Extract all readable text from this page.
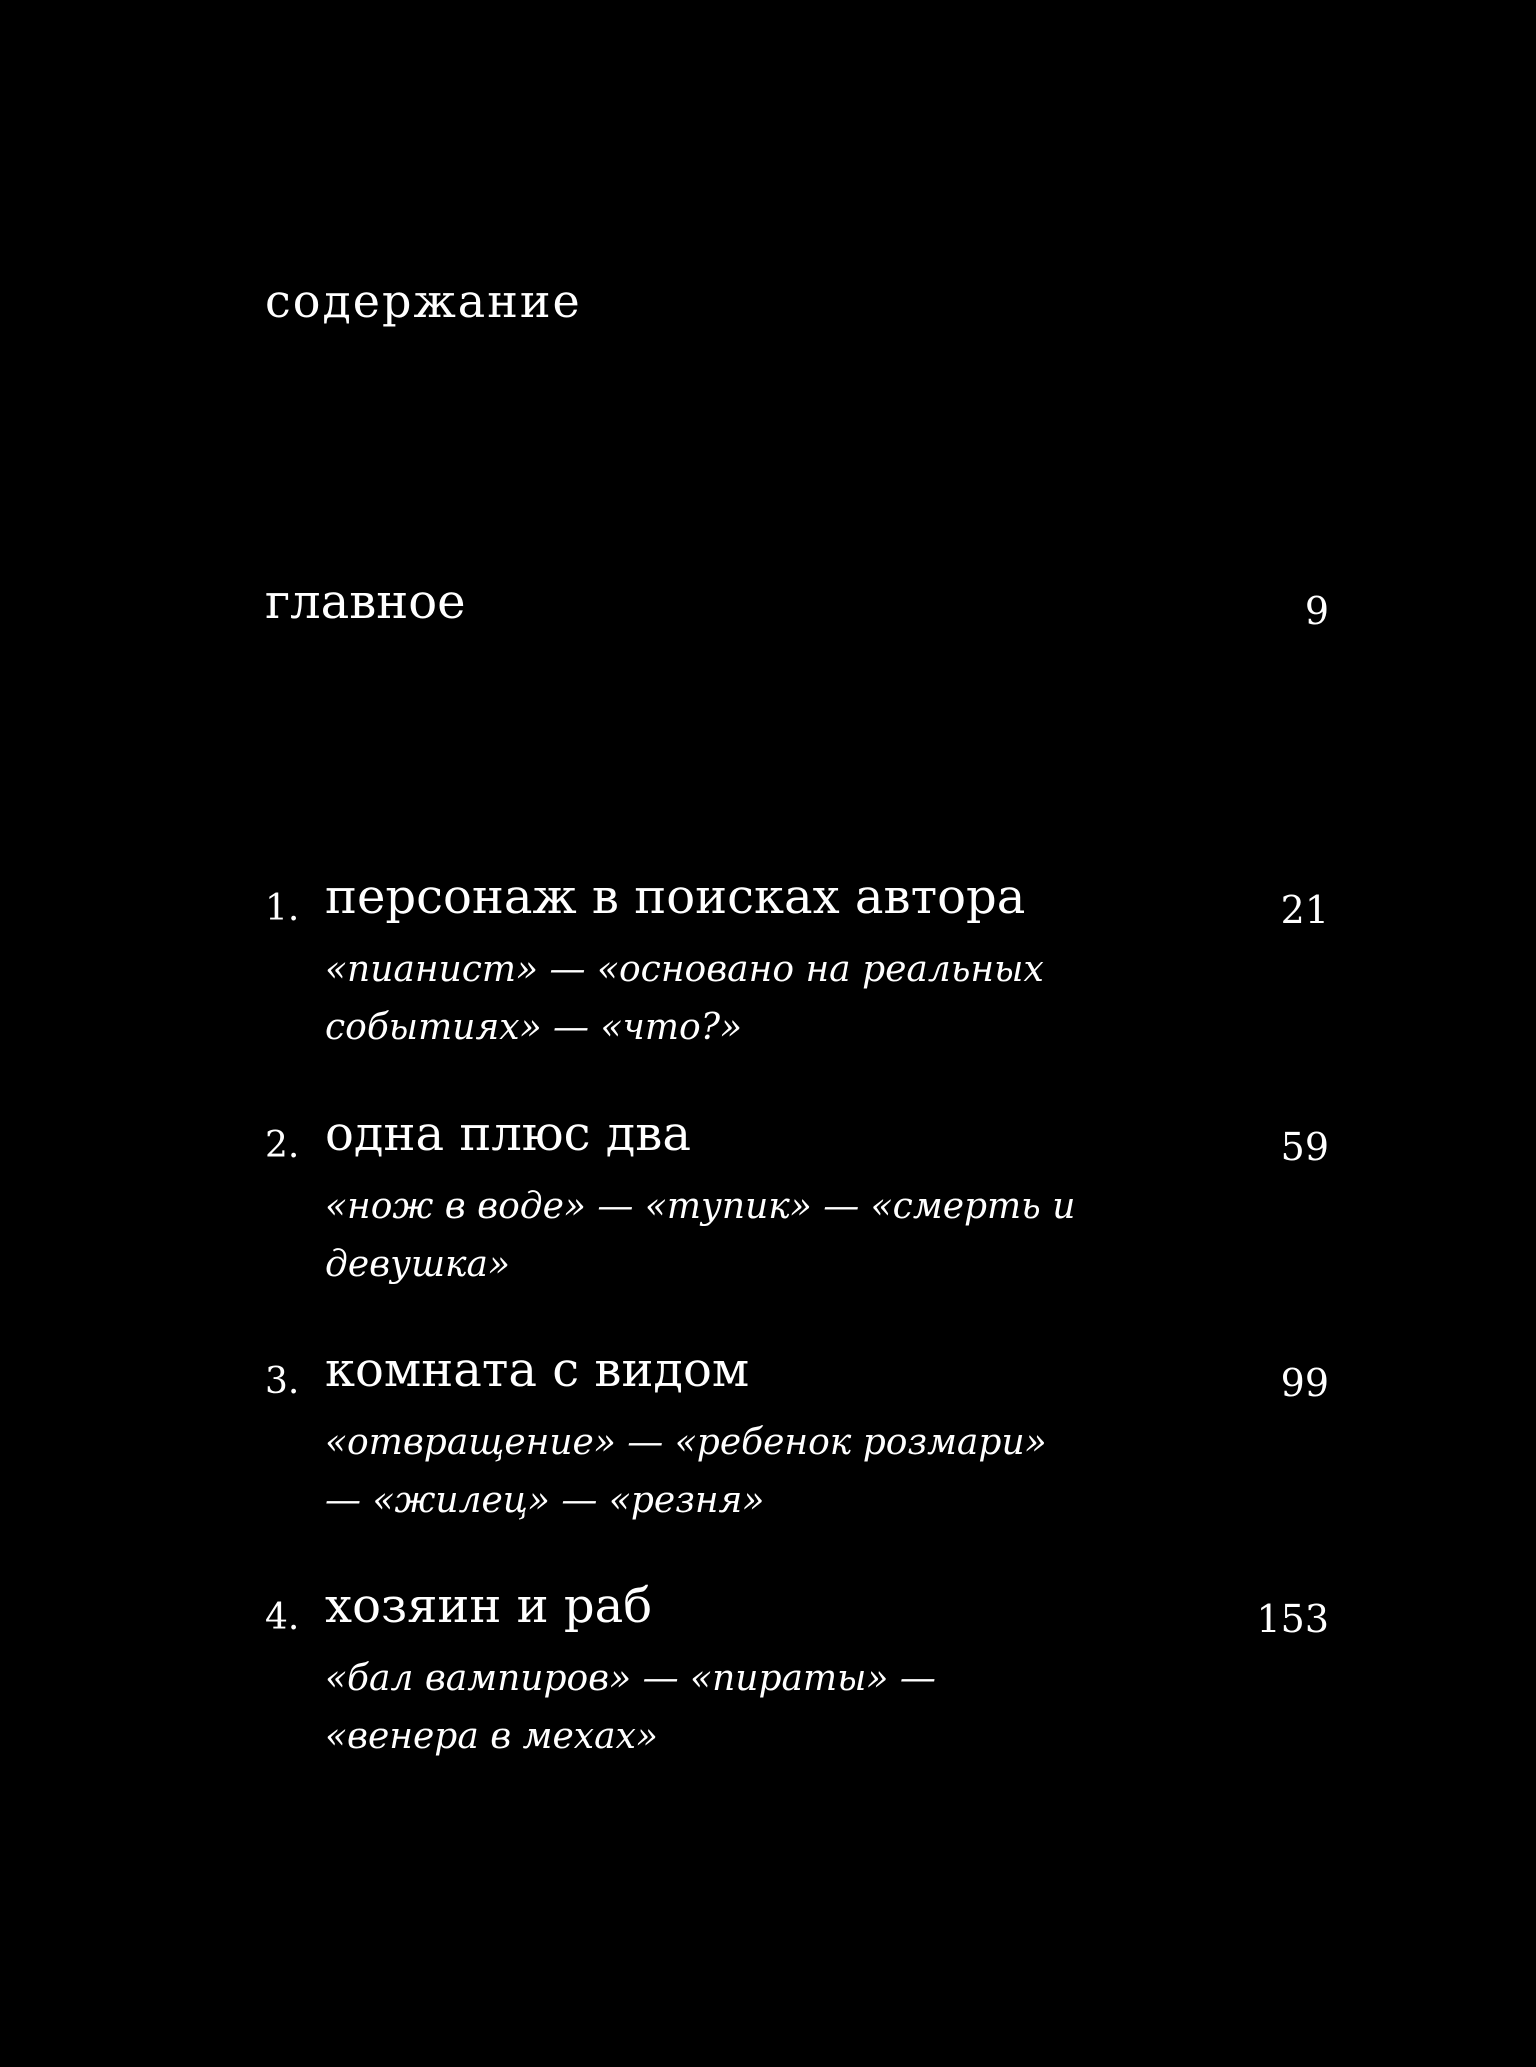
содержание
главное	9
1. персонаж в поисках автора	21

«пианист» — «основано на реальных событиях» — «что?»

2. одна плюс два	59

«нож в воде» — «тупик» — «смерть и девушка»

3. комната с видом	99

«отвращение» — «ребенок розмари» — «жилец» — «резня»

4. хозяин и раб	153

«бал вампиров» — «пираты» — «венера в мехах»
